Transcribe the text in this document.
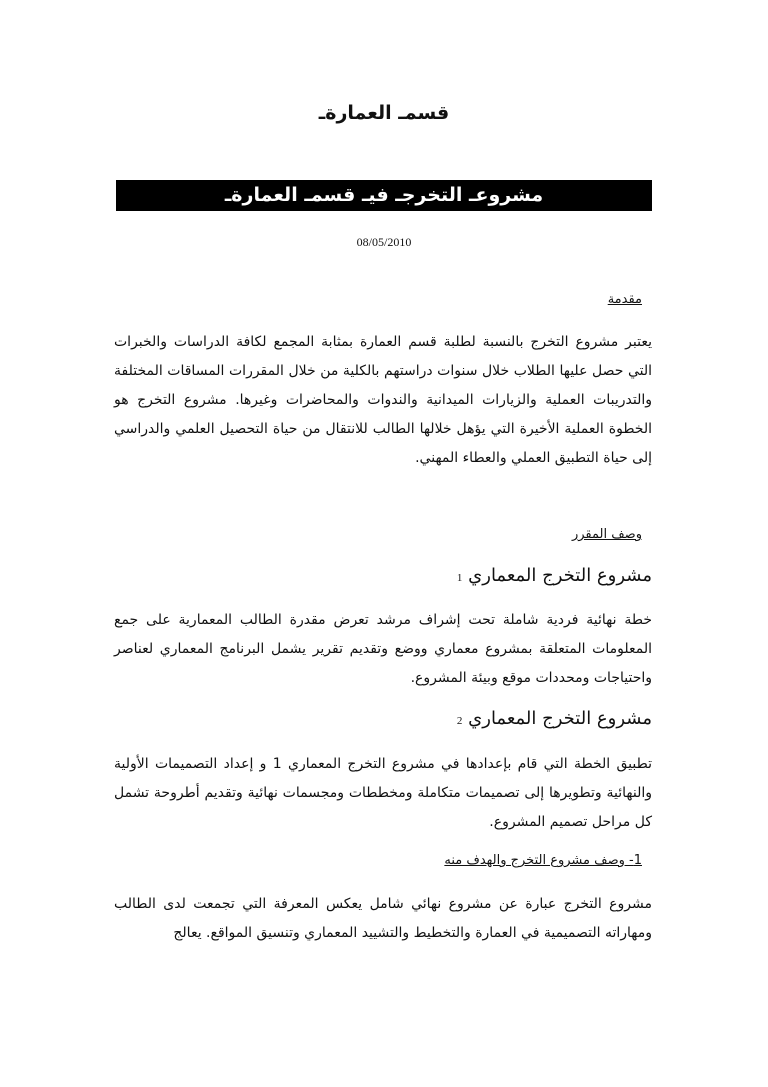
قسمـ العمارةـ
مشروعـ التخرجـ فيـ قسمـ العمارةـ
08/05/2010
مقدمة
يعتبر مشروع التخرج بالنسبة لطلبة قسم العمارة بمثابة المجمع لكافة الدراسات والخبرات التي حصل عليها الطلاب خلال سنوات دراستهم بالكلية من خلال المقررات المساقات المختلفة والتدريبات العملية والزيارات الميدانية والندوات والمحاضرات وغيرها. مشروع التخرج هو الخطوة العملية الأخيرة التي يؤهل خلالها الطالب للانتقال من حياة التحصيل العلمي والدراسي إلى حياة التطبيق العملي والعطاء المهني.
وصف المقرر
مشروع التخرج المعماري 1
خطة نهائية فردية شاملة تحت إشراف مرشد تعرض مقدرة الطالب المعمارية على جمع المعلومات المتعلقة بمشروع معماري ووضع وتقديم تقرير يشمل البرنامج المعماري لعناصر واحتياجات ومحددات موقع وبيئة المشروع.
مشروع التخرج المعماري 2
تطبيق الخطة التي قام بإعدادها في مشروع التخرج المعماري 1 و إعداد التصميمات الأولية والنهائية وتطويرها إلى تصميمات متكاملة ومخططات ومجسمات نهائية وتقديم أطروحة تشمل كل مراحل تصميم المشروع.
1- وصف مشروع التخرج والهدف منه
مشروع التخرج عبارة عن مشروع نهائي شامل يعكس المعرفة التي تجمعت لدى الطالب ومهاراته التصميمية في العمارة والتخطيط والتشييد المعماري وتنسيق المواقع. يعالج
